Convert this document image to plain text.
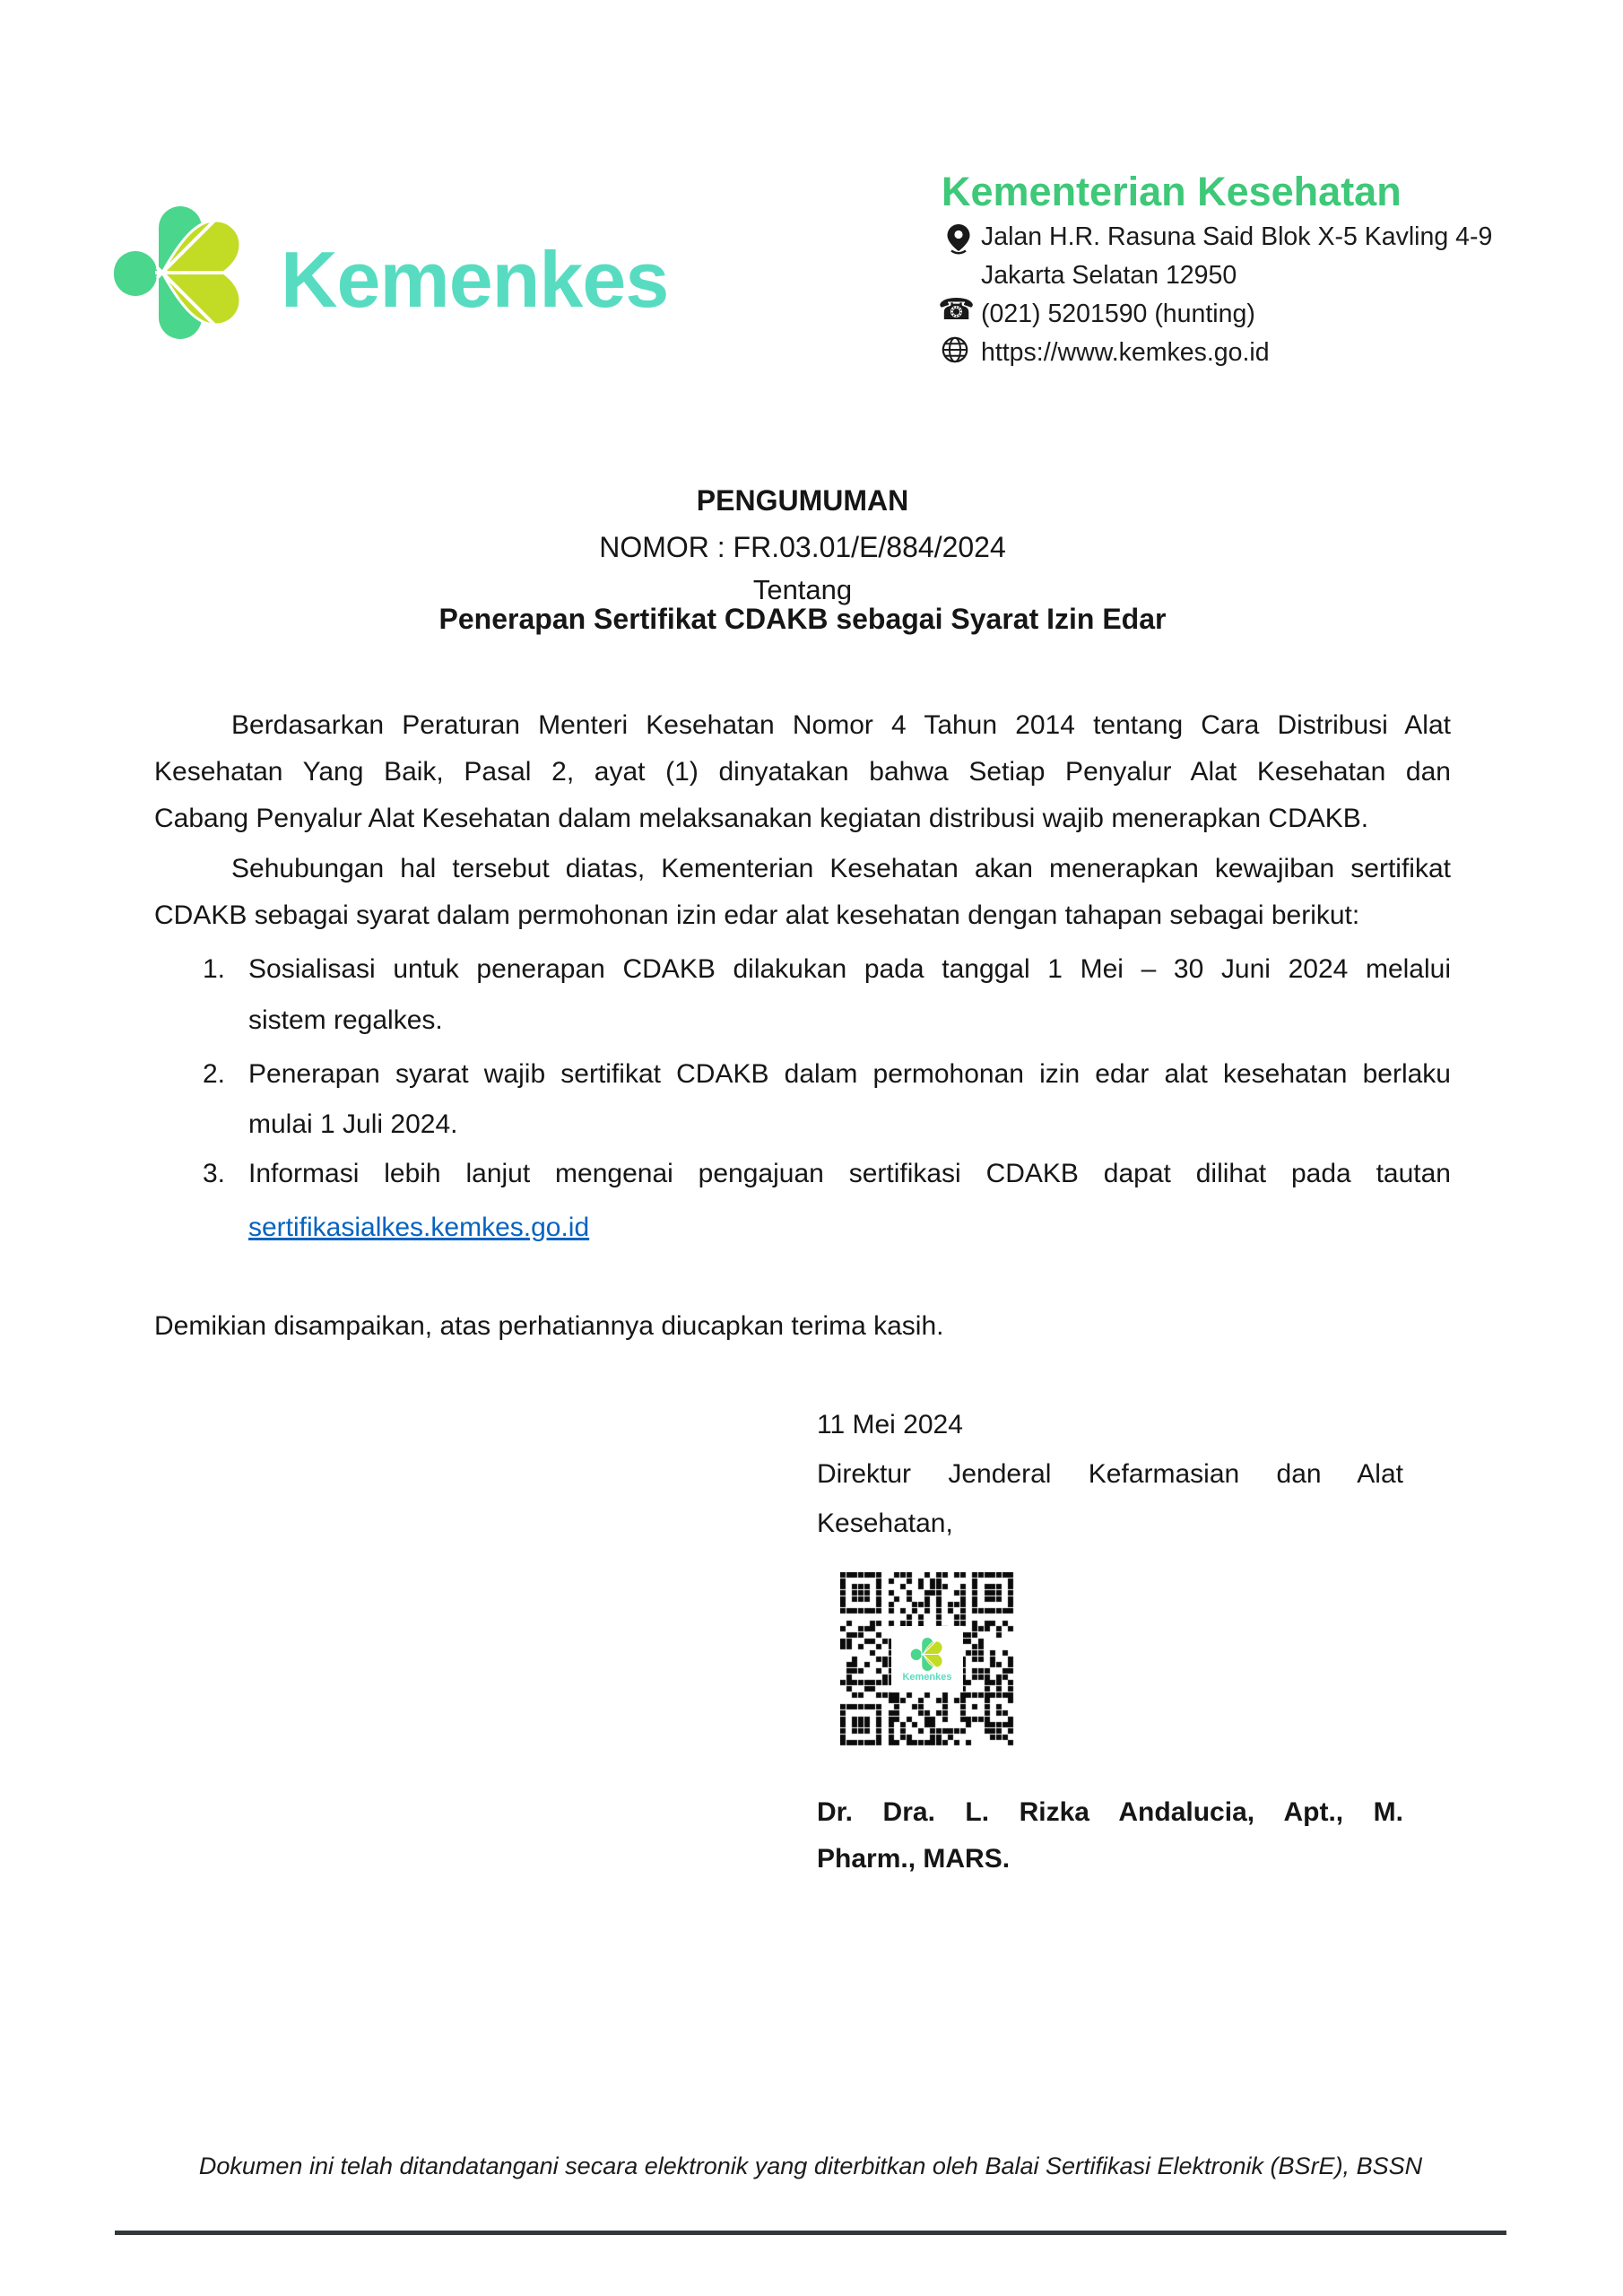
Kemenkes
Kementerian Kesehatan
Jalan H.R. Rasuna Said Blok X-5 Kavling 4-9
Jakarta Selatan 12950
☎ (021) 5201590 (hunting)
https://www.kemkes.go.id
PENGUMUMAN
NOMOR : FR.03.01/E/884/2024
Tentang
Penerapan Sertifikat CDAKB sebagai Syarat Izin Edar
Berdasarkan Peraturan Menteri Kesehatan Nomor 4 Tahun 2014 tentang Cara Distribusi Alat
Kesehatan Yang Baik, Pasal 2, ayat (1) dinyatakan bahwa Setiap Penyalur Alat Kesehatan dan
Cabang Penyalur Alat Kesehatan dalam melaksanakan kegiatan distribusi wajib menerapkan CDAKB.
Sehubungan hal tersebut diatas, Kementerian Kesehatan akan menerapkan kewajiban sertifikat
CDAKB sebagai syarat dalam permohonan izin edar alat kesehatan dengan tahapan sebagai berikut:
1. Sosialisasi untuk penerapan CDAKB dilakukan pada tanggal 1 Mei – 30 Juni 2024 melalui
sistem regalkes.
2. Penerapan syarat wajib sertifikat CDAKB dalam permohonan izin edar alat kesehatan berlaku
mulai 1 Juli 2024.
3. Informasi lebih lanjut mengenai pengajuan sertifikasi CDAKB dapat dilihat pada tautan
sertifikasialkes.kemkes.go.id
Demikian disampaikan, atas perhatiannya diucapkan terima kasih.
11 Mei 2024
Direktur Jenderal Kefarmasian dan Alat
Kesehatan,
Kemenkes
Dr. Dra. L. Rizka Andalucia, Apt., M.
Pharm., MARS.
Dokumen ini telah ditandatangani secara elektronik yang diterbitkan oleh Balai Sertifikasi Elektronik (BSrE), BSSN
